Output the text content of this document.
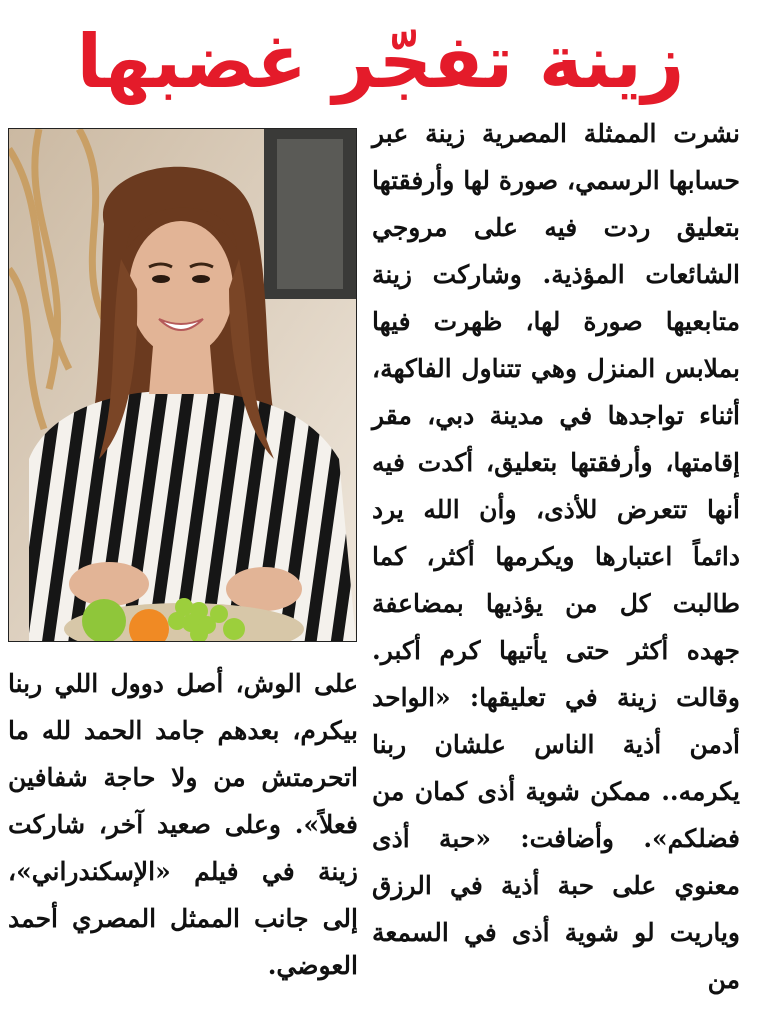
زينة تفجّر غضبها

نشرت الممثلة المصرية زينة عبر حسابها الرسمي، صورة لها وأرفقتها بتعليق ردت فيه على مروجي الشائعات المؤذية. وشاركت زينة متابعيها صورة لها، ظهرت فيها بملابس المنزل وهي تتناول الفاكهة، أثناء تواجدها في مدينة دبي، مقر إقامتها، وأرفقتها بتعليق، أكدت فيه أنها تتعرض للأذى، وأن الله يرد دائماً اعتبارها ويكرمها أكثر، كما طالبت كل من يؤذيها بمضاعفة جهده أكثر حتى يأتيها كرم أكبر. وقالت زينة في تعليقها: «الواحد أدمن أذية الناس علشان ربنا يكرمه.. ممكن شوية أذى كمان من فضلكم». وأضافت: «حبة أذى معنوي على حبة أذية في الرزق وياريت لو شوية أذى في السمعة من

على الوش، أصل دوول اللي ربنا بيكرم، بعدهم جامد الحمد لله ما اتحرمتش من ولا حاجة شفافين فعلاً». وعلى صعيد آخر، شاركت زينة في فيلم «الإسكندراني»، إلى جانب الممثل المصري أحمد العوضي.
